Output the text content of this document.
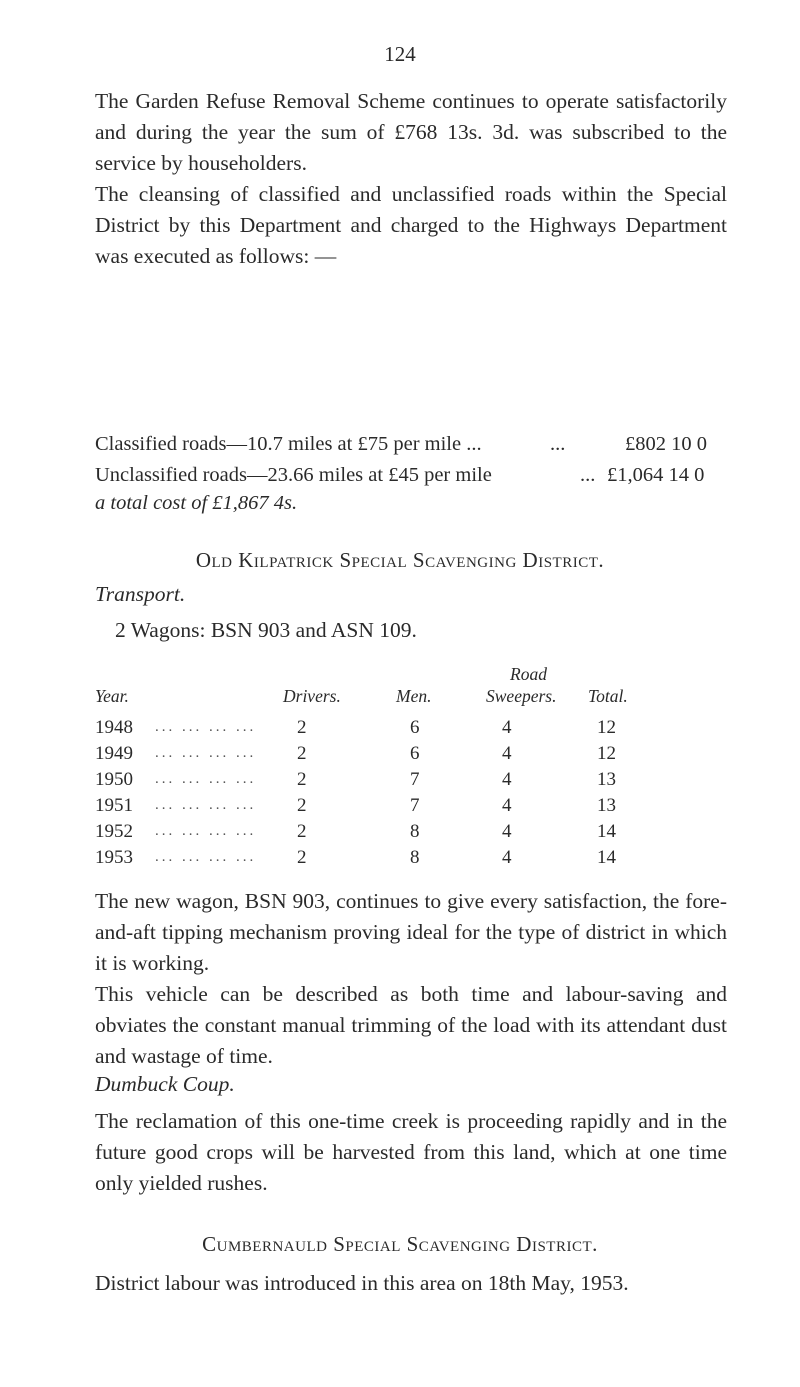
124

The Garden Refuse Removal Scheme continues to operate satisfactorily and during the year the sum of £768 13s. 3d. was subscribed to the service by householders.

The cleansing of classified and unclassified roads within the Special District by this Department and charged to the Highways Department was executed as follows: —

Classified roads—10.7 miles at £75 per mile ...	...	£802 10 0
Unclassified roads—23.66 miles at £45 per mile	... £1,064 14 0
a total cost of £1,867 4s.
Old Kilpatrick Special Scavenging District.
Transport.
2 Wagons: BSN 903 and ASN 109.
Year.	Drivers.	Men.
Road
Sweepers. Total.
1948 ... ... ... ... 2	6	4	12
1949 ... ... ... ... 2	6	4	12
1950 ... ... ... ... 2	7	4	13
1951 ... ... ... ... 2	7	4	13
1952 ... ... ... ... 2	8	4	14
1953 ... ... ... ... 2	8	4	14

The new wagon, BSN 903, continues to give every satisfaction, the fore-and-aft tipping mechanism proving ideal for the type of district in which it is working.

This vehicle can be described as both time and labour-saving and obviates the constant manual trimming of the load with its attendant dust and wastage of time.

Dumbuck Coup.

The reclamation of this one-time creek is proceeding rapidly and in the future good crops will be harvested from this land, which at one time only yielded rushes.

Cumbernauld Special Scavenging District.

District labour was introduced in this area on 18th May, 1953.
